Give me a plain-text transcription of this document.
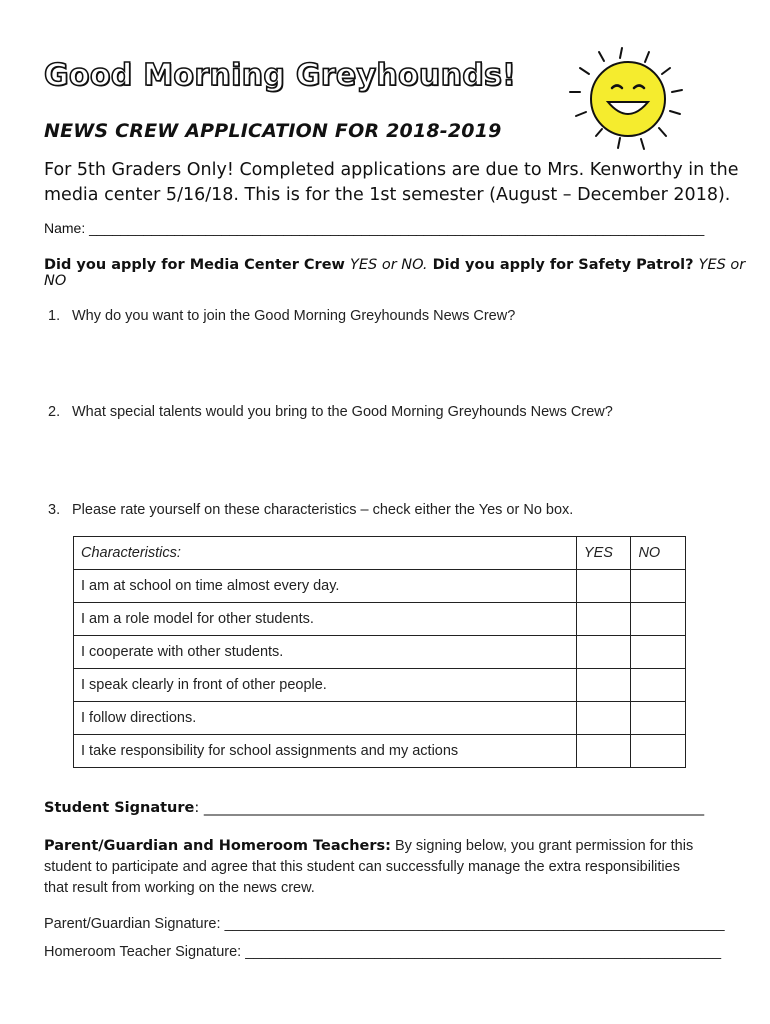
Good Morning Greyhounds!
NEWS CREW APPLICATION FOR 2018-2019
For 5th Graders Only! Completed applications are due to Mrs. Kenworthy in the media center 5/16/18. This is for the 1st semester (August – December 2018).
Name: _______________________________________________________________________________
Did you apply for Media Center Crew YES or NO. Did you apply for Safety Patrol? YES or NO
1. Why do you want to join the Good Morning Greyhounds News Crew?
2. What special talents would you bring to the Good Morning Greyhounds News Crew?
3. Please rate yourself on these characteristics – check either the Yes or No box.
Characteristics:	YES	NO
I am at school on time almost every day.		
I am a role model for other students.		
I cooperate with other students.		
I speak clearly in front of other people.		
I follow directions.		
I take responsibility for school assignments and my actions		
Student Signature: _____________________________________________________________________
Parent/Guardian and Homeroom Teachers: By signing below, you grant permission for this student to participate and agree that this student can successfully manage the extra responsibilities that result from working on the news crew.
Parent/Guardian Signature: ______________________________________________________________
Homeroom Teacher Signature: ___________________________________________________________
